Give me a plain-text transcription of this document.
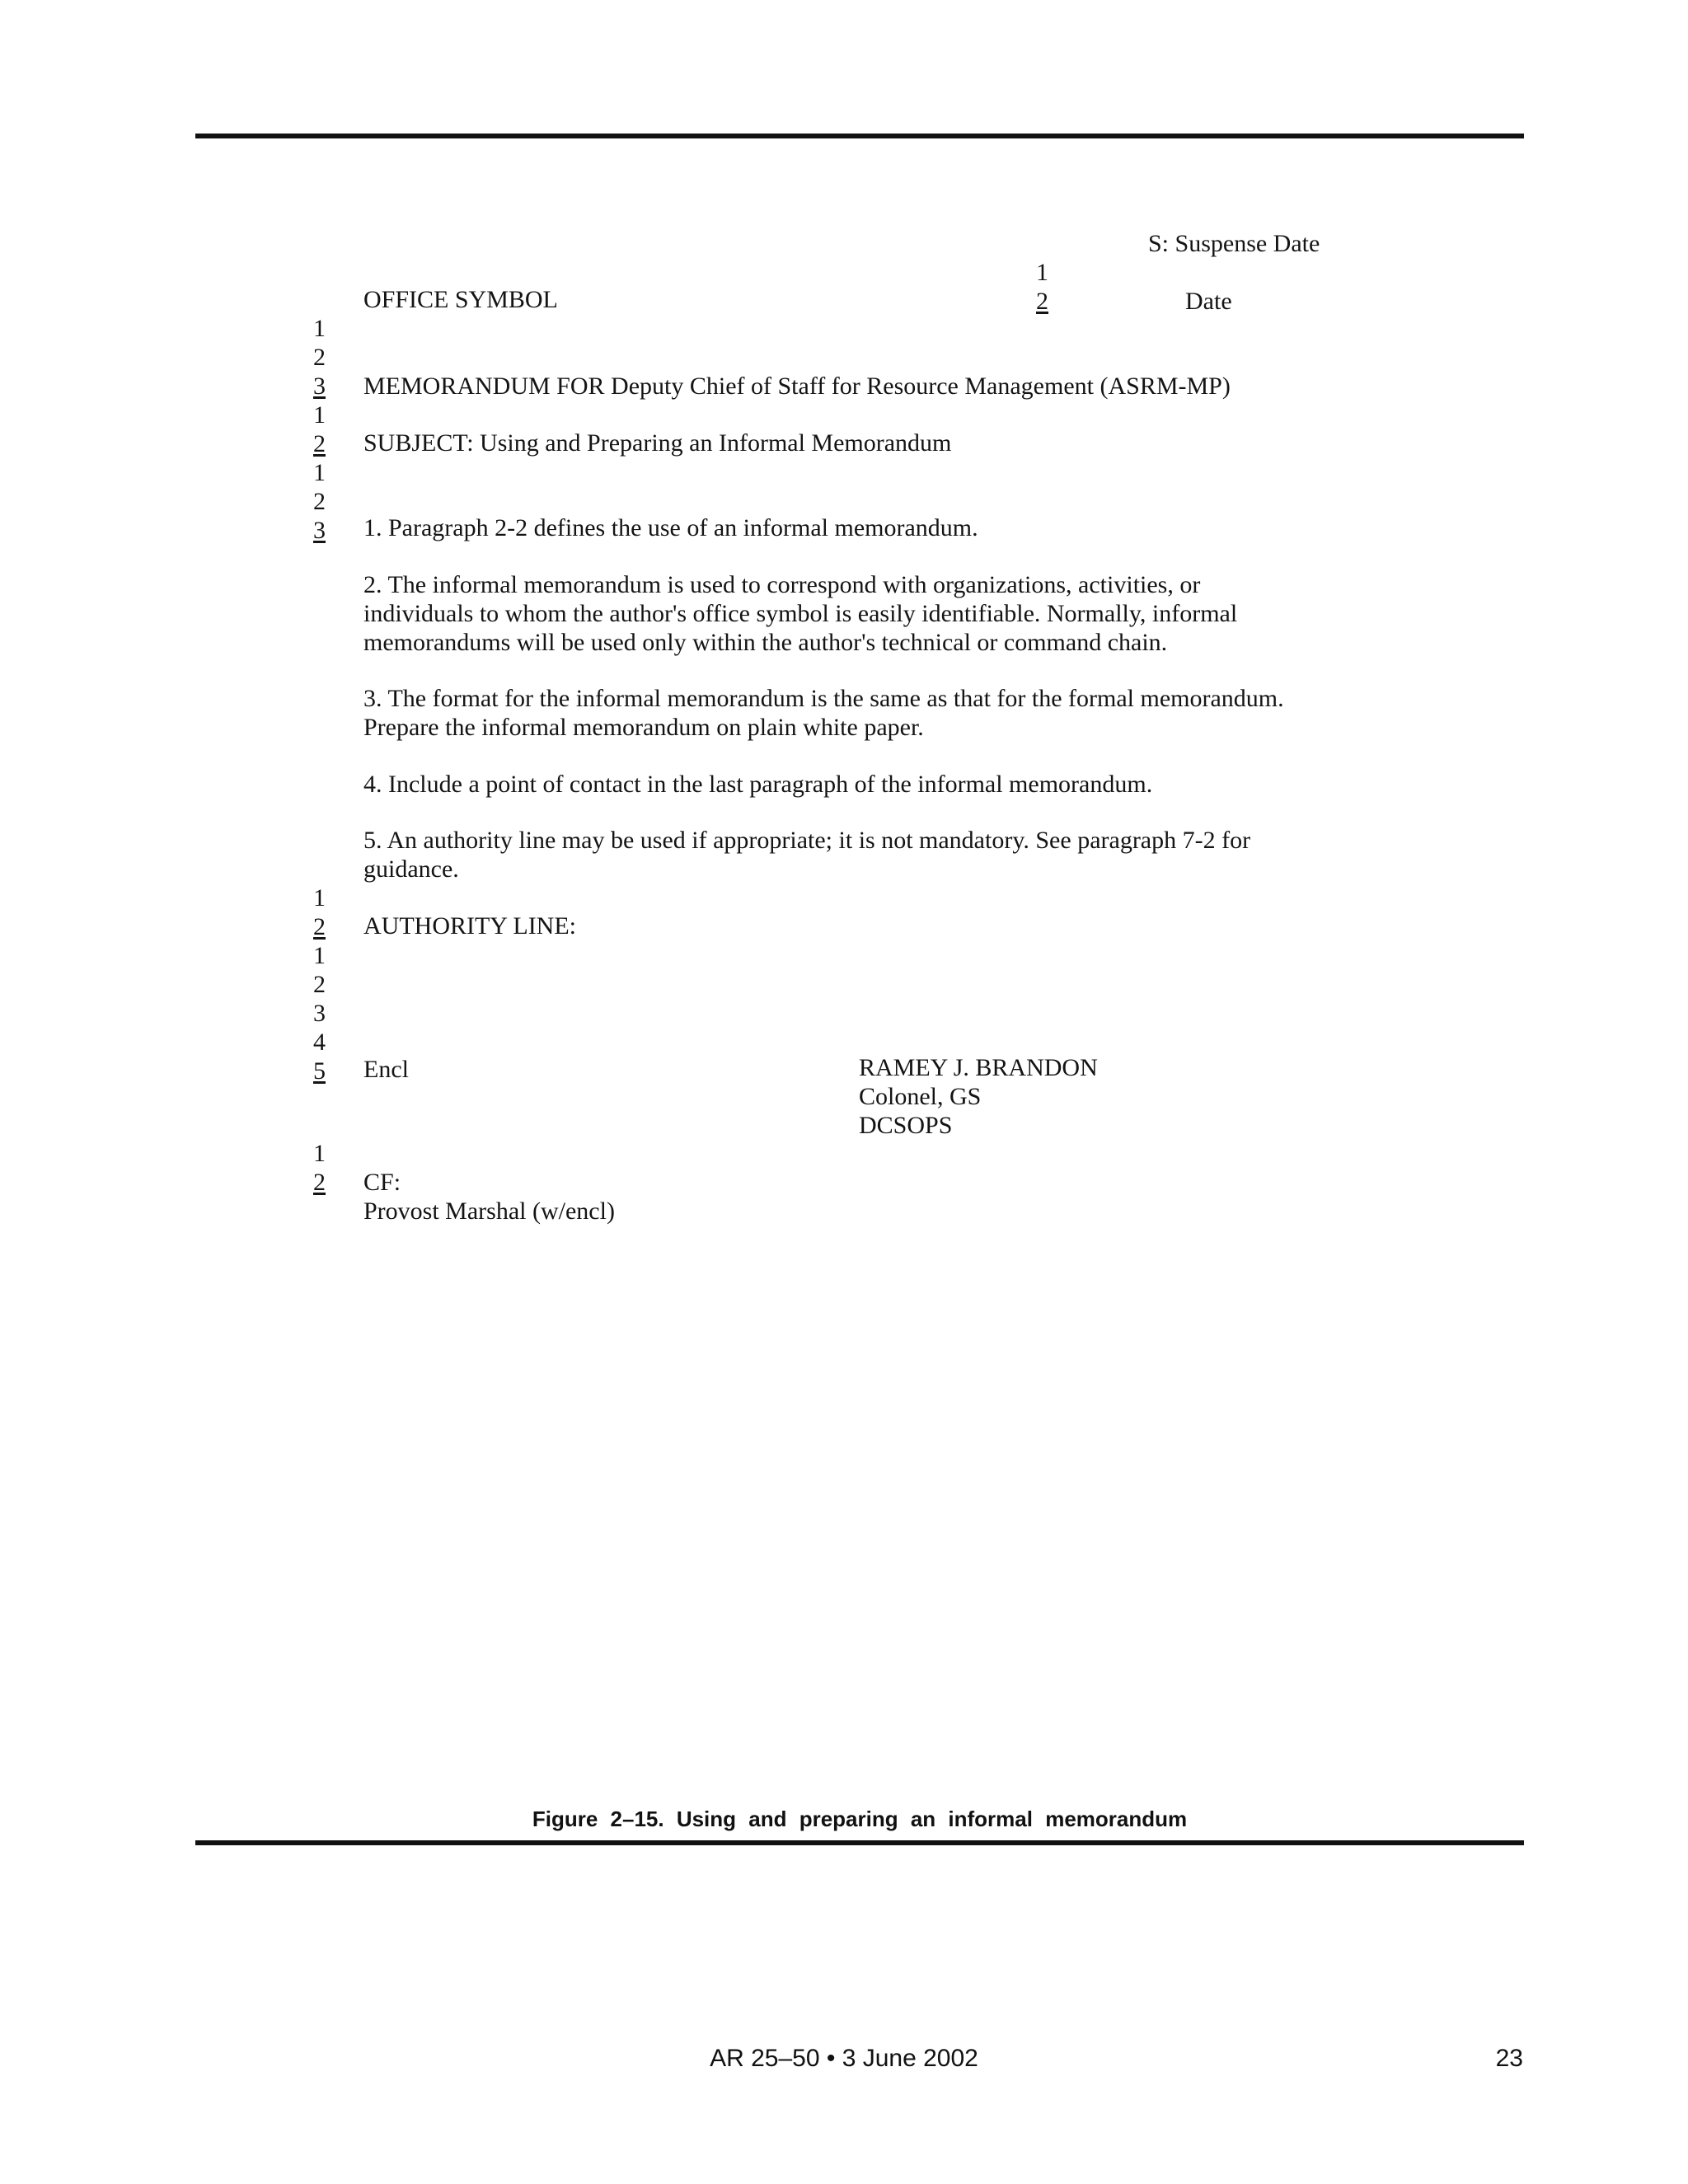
S: Suspense Date
1
2
OFFICE SYMBOL	Date
1
2
3
1
2
1
2
3
MEMORANDUM FOR Deputy Chief of Staff for Resource Management (ASRM-MP)
SUBJECT: Using and Preparing an Informal Memorandum
1. Paragraph 2-2 defines the use of an informal memorandum.
2. The informal memorandum is used to correspond with organizations, activities, or
individuals to whom the author's office symbol is easily identifiable. Normally, informal
memorandums will be used only within the author's technical or command chain.
3. The format for the informal memorandum is the same as that for the formal memorandum.
Prepare the informal memorandum on plain white paper.
4. Include a point of contact in the last paragraph of the informal memorandum.
5. An authority line may be used if appropriate; it is not mandatory. See paragraph 7-2 for
guidance.
1
2
1
2
3
4
5
AUTHORITY LINE:
Encl	RAMEY J. BRANDON
Colonel, GS
DCSOPS
1
2	CF:
Provost Marshal (w/encl)
Figure 2–15. Using and preparing an informal memorandum
AR 25–50 • 3 June 2002	23
